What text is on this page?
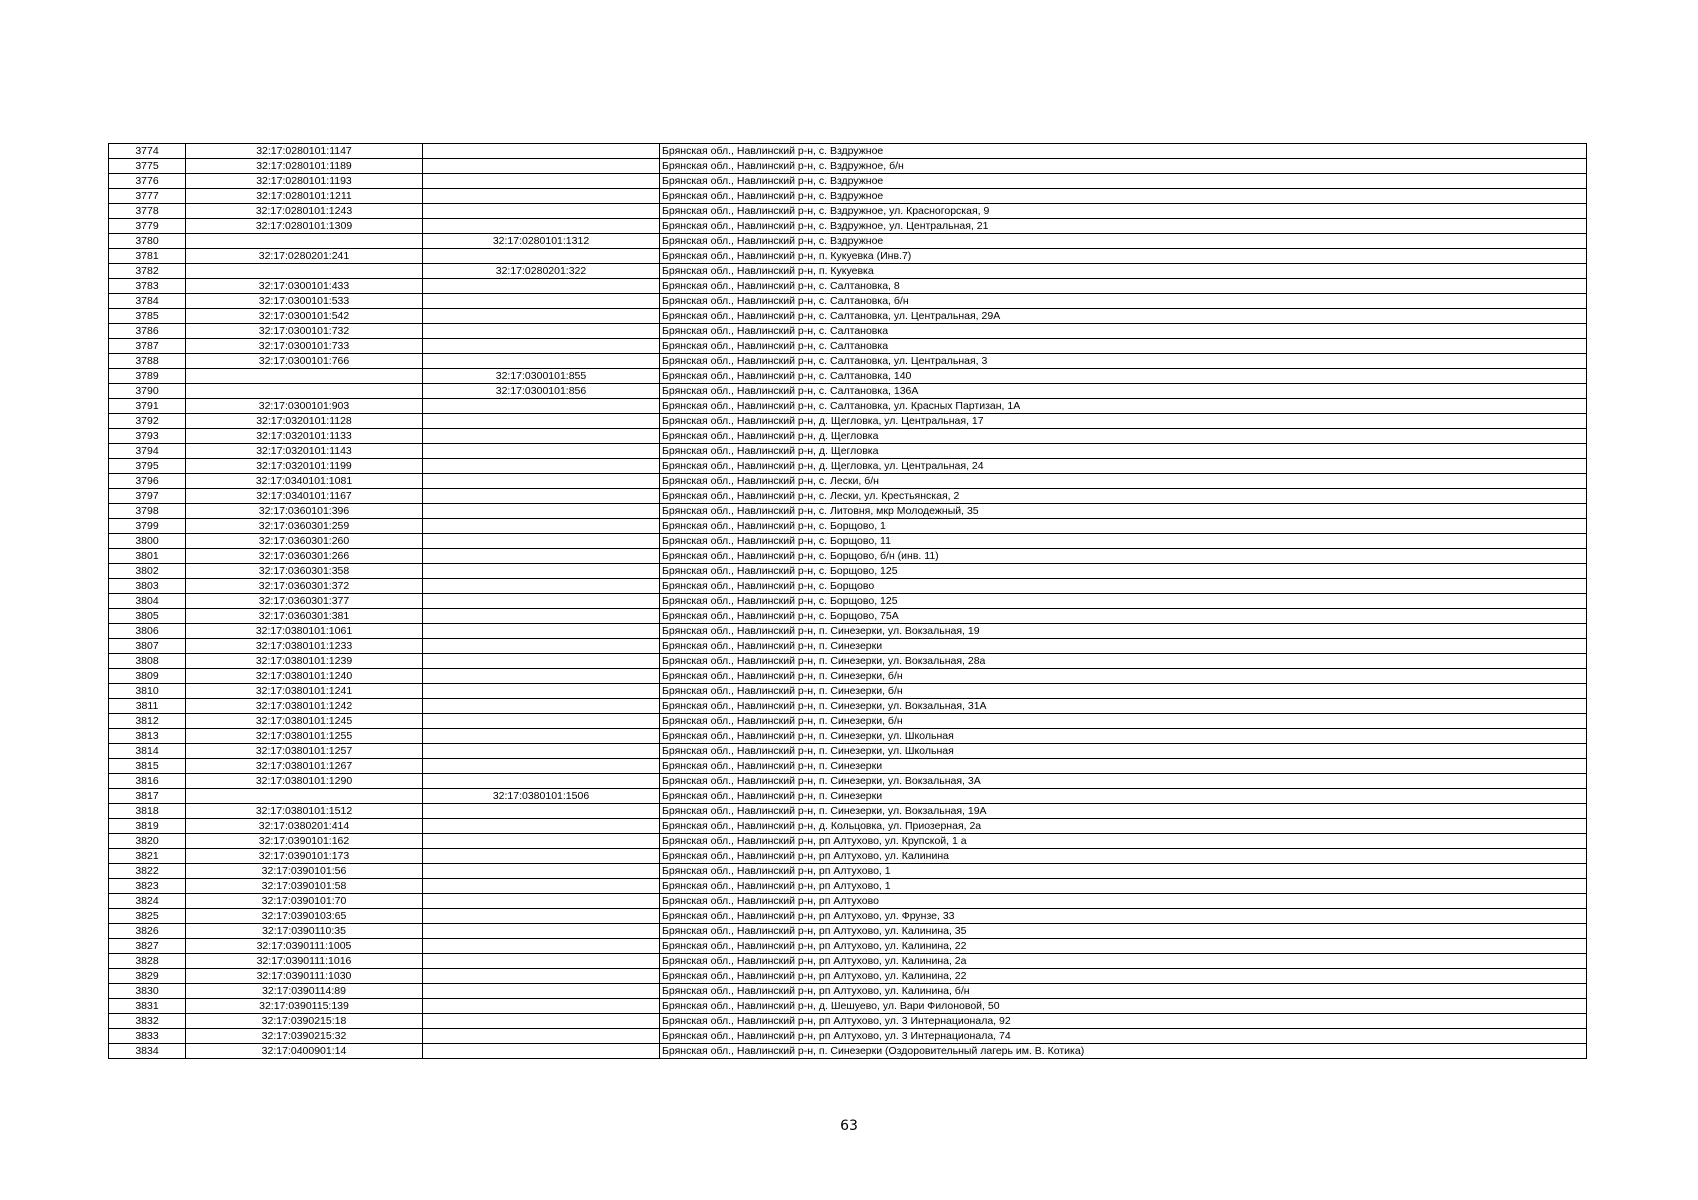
3774	32:17:0280101:1147		Брянская обл., Навлинский р-н, с. Вздружное
3775	32:17:0280101:1189		Брянская обл., Навлинский р-н, с. Вздружное, б/н
3776	32:17:0280101:1193		Брянская обл., Навлинский р-н, с. Вздружное
3777	32:17:0280101:1211		Брянская обл., Навлинский р-н, с. Вздружное
3778	32:17:0280101:1243		Брянская обл., Навлинский р-н, с. Вздружное, ул. Красногорская, 9
3779	32:17:0280101:1309		Брянская обл., Навлинский р-н, с. Вздружное, ул. Центральная, 21
3780		32:17:0280101:1312	Брянская обл., Навлинский р-н, с. Вздружное
3781	32:17:0280201:241		Брянская обл., Навлинский р-н, п. Кукуевка (Инв.7)
3782		32:17:0280201:322	Брянская обл., Навлинский р-н, п. Кукуевка
3783	32:17:0300101:433		Брянская обл., Навлинский р-н, с. Салтановка, 8
3784	32:17:0300101:533		Брянская обл., Навлинский р-н, с. Салтановка, б/н
3785	32:17:0300101:542		Брянская обл., Навлинский р-н, с. Салтановка, ул. Центральная, 29А
3786	32:17:0300101:732		Брянская обл., Навлинский р-н, с. Салтановка
3787	32:17:0300101:733		Брянская обл., Навлинский р-н, с. Салтановка
3788	32:17:0300101:766		Брянская обл., Навлинский р-н, с. Салтановка, ул. Центральная, 3
3789		32:17:0300101:855	Брянская обл., Навлинский р-н, с. Салтановка, 140
3790		32:17:0300101:856	Брянская обл., Навлинский р-н, с. Салтановка, 136А
3791	32:17:0300101:903		Брянская обл., Навлинский р-н, с. Салтановка, ул. Красных Партизан, 1А
3792	32:17:0320101:1128		Брянская обл., Навлинский р-н, д. Щегловка, ул. Центральная, 17
3793	32:17:0320101:1133		Брянская обл., Навлинский р-н, д. Щегловка
3794	32:17:0320101:1143		Брянская обл., Навлинский р-н, д. Щегловка
3795	32:17:0320101:1199		Брянская обл., Навлинский р-н, д. Щегловка, ул. Центральная, 24
3796	32:17:0340101:1081		Брянская обл., Навлинский р-н, с. Лески, б/н
3797	32:17:0340101:1167		Брянская обл., Навлинский р-н, с. Лески, ул. Крестьянская, 2
3798	32:17:0360101:396		Брянская обл., Навлинский р-н, с. Литовня, мкр Молодежный, 35
3799	32:17:0360301:259		Брянская обл., Навлинский р-н, с. Борщово, 1
3800	32:17:0360301:260		Брянская обл., Навлинский р-н, с. Борщово, 11
3801	32:17:0360301:266		Брянская обл., Навлинский р-н, с. Борщово, б/н (инв. 11)
3802	32:17:0360301:358		Брянская обл., Навлинский р-н, с. Борщово, 125
3803	32:17:0360301:372		Брянская обл., Навлинский р-н, с. Борщово
3804	32:17:0360301:377		Брянская обл., Навлинский р-н, с. Борщово, 125
3805	32:17:0360301:381		Брянская обл., Навлинский р-н, с. Борщово, 75А
3806	32:17:0380101:1061		Брянская обл., Навлинский р-н, п. Синезерки, ул. Вокзальная, 19
3807	32:17:0380101:1233		Брянская обл., Навлинский р-н, п. Синезерки
3808	32:17:0380101:1239		Брянская обл., Навлинский р-н, п. Синезерки, ул. Вокзальная, 28а
3809	32:17:0380101:1240		Брянская обл., Навлинский р-н, п. Синезерки, б/н
3810	32:17:0380101:1241		Брянская обл., Навлинский р-н, п. Синезерки, б/н
3811	32:17:0380101:1242		Брянская обл., Навлинский р-н, п. Синезерки, ул. Вокзальная, 31А
3812	32:17:0380101:1245		Брянская обл., Навлинский р-н, п. Синезерки, б/н
3813	32:17:0380101:1255		Брянская обл., Навлинский р-н, п. Синезерки, ул. Школьная
3814	32:17:0380101:1257		Брянская обл., Навлинский р-н, п. Синезерки, ул. Школьная
3815	32:17:0380101:1267		Брянская обл., Навлинский р-н, п. Синезерки
3816	32:17:0380101:1290		Брянская обл., Навлинский р-н, п. Синезерки, ул. Вокзальная, 3А
3817		32:17:0380101:1506	Брянская обл., Навлинский р-н, п. Синезерки
3818	32:17:0380101:1512		Брянская обл., Навлинский р-н, п. Синезерки, ул. Вокзальная, 19А
3819	32:17:0380201:414		Брянская обл., Навлинский р-н, д. Кольцовка, ул. Приозерная, 2а
3820	32:17:0390101:162		Брянская обл., Навлинский р-н, рп Алтухово, ул. Крупской, 1 а
3821	32:17:0390101:173		Брянская обл., Навлинский р-н, рп Алтухово, ул. Калинина
3822	32:17:0390101:56		Брянская обл., Навлинский р-н, рп Алтухово, 1
3823	32:17:0390101:58		Брянская обл., Навлинский р-н, рп Алтухово, 1
3824	32:17:0390101:70		Брянская обл., Навлинский р-н, рп Алтухово
3825	32:17:0390103:65		Брянская обл., Навлинский р-н, рп Алтухово, ул. Фрунзе, 33
3826	32:17:0390110:35		Брянская обл., Навлинский р-н, рп Алтухово, ул. Калинина, 35
3827	32:17:0390111:1005		Брянская обл., Навлинский р-н, рп Алтухово, ул. Калинина, 22
3828	32:17:0390111:1016		Брянская обл., Навлинский р-н, рп Алтухово, ул. Калинина, 2а
3829	32:17:0390111:1030		Брянская обл., Навлинский р-н, рп Алтухово, ул. Калинина, 22
3830	32:17:0390114:89		Брянская обл., Навлинский р-н, рп Алтухово, ул. Калинина, б/н
3831	32:17:0390115:139		Брянская обл., Навлинский р-н, д. Шешуево, ул. Вари Филоновой, 50
3832	32:17:0390215:18		Брянская обл., Навлинский р-н, рп Алтухово, ул. 3 Интернационала, 92
3833	32:17:0390215:32		Брянская обл., Навлинский р-н, рп Алтухово, ул. 3 Интернационала, 74
3834	32:17:0400901:14		Брянская обл., Навлинский р-н, п. Синезерки (Оздоровительный лагерь им. В. Котика)
63
